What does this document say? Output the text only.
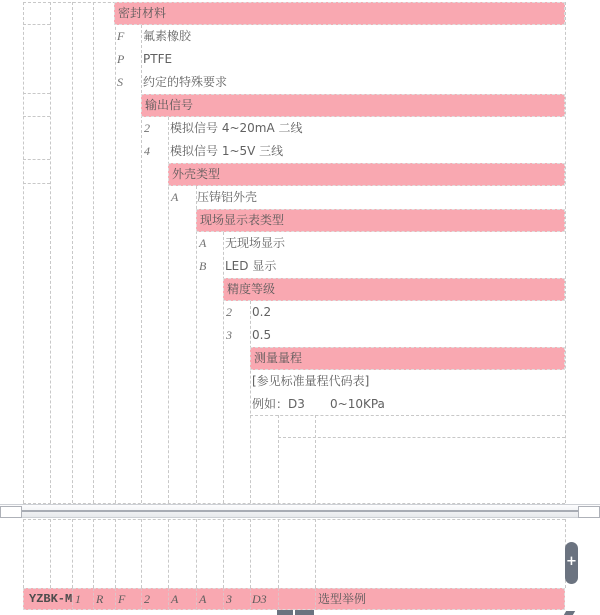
密封材料
F 氟素橡胶
P PTFE
S 约定的特殊要求
输出信号
2 模拟信号 4~20mA 二线
4 模拟信号 1~5V 三线
外壳类型
A 压铸铝外壳
现场显示表类型
A 无现场显示
B LED 显示
精度等级
2 0.2
3 0.5
测量量程
[参见标准量程代码表]
例如：D3 0~10KPa
YZBK-M 1 R F 2 A A 3 D3	选型举例
+
